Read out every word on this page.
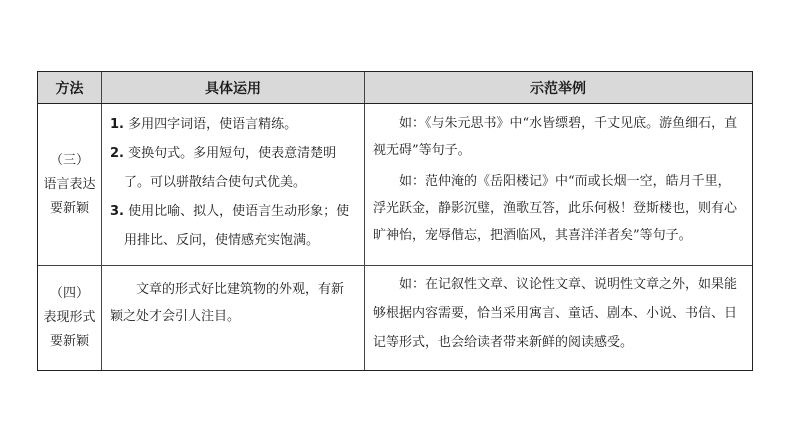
方法	具体运用	示范举例
（三）
语言表达
要新颖
1. 多用四字词语，使语言精练。
2. 变换句式。多用短句，使表意清楚明了。可以骈散结合使句式优美。
3. 使用比喻、拟人，使语言生动形象；使用排比、反问，使情感充实饱满。

如：《与朱元思书》中“水皆缥碧，千丈见底。游鱼细石，直视无碍”等句子。

如：范仲淹的《岳阳楼记》中“而或长烟一空，皓月千里，浮光跃金，静影沉璧，渔歌互答，此乐何极！登斯楼也，则有心旷神怡，宠辱偕忘，把酒临风，其喜洋洋者矣”等句子。

（四）
表现形式
要新颖
文章的形式好比建筑物的外观，有新颖之处才会引人注目。

如：在记叙性文章、议论性文章、说明性文章之外，如果能够根据内容需要，恰当采用寓言、童话、剧本、小说、书信、日记等形式，也会给读者带来新鲜的阅读感受。
